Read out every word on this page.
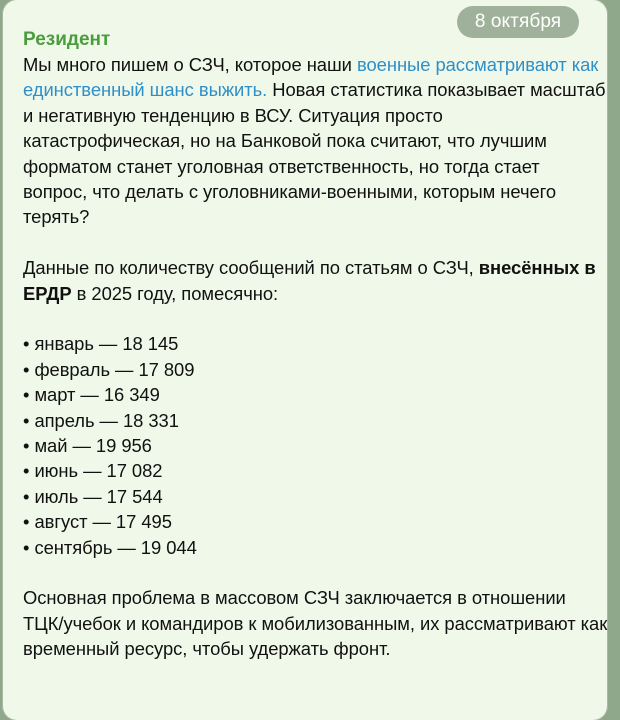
8 октября
Резидент

Мы много пишем о СЗЧ, которое наши военные рассматривают как единственный шанс выжить. Новая статистика показывает масштаб и негативную тенденцию в ВСУ. Ситуация просто катастрофическая, но на Банковой пока считают, что лучшим форматом станет уголовная ответственность, но тогда стает вопрос, что делать с уголовниками-военными, которым нечего терять?

Данные по количеству сообщений по статьям о СЗЧ, внесённых в ЕРДР в 2025 году, помесячно:

• январь — 18 145
• февраль — 17 809
• март — 16 349
• апрель — 18 331
• май — 19 956
• июнь — 17 082
• июль — 17 544
• август — 17 495
• сентябрь — 19 044

Основная проблема в массовом СЗЧ заключается в отношении ТЦК/учебок и командиров к мобилизованным, их рассматривают как временный ресурс, чтобы удержать фронт.
